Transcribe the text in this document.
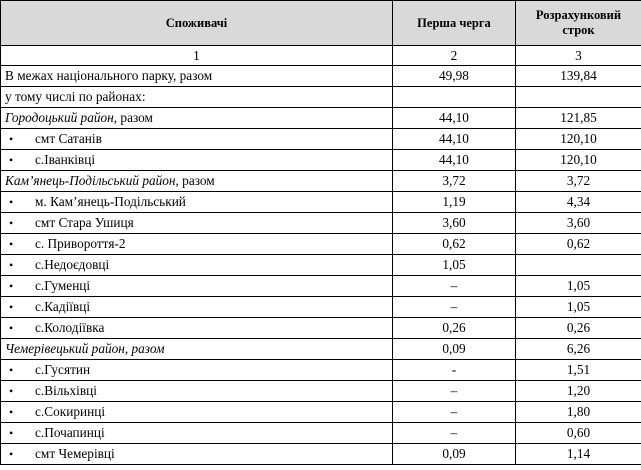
Споживачі	Перша черга	Розрахунковий строк
1	2	3
В межах національного парку, разом	49,98	139,84
у тому числі по районах:		
Городоцький район, разом	44,10	121,85
• смт Сатанів	44,10	120,10
• с.Іванківці	44,10	120,10
Кам’янець-Подільський район, разом	3,72	3,72
• м. Кам’янець-Подільський	1,19	4,34
• смт Стара Ушиця	3,60	3,60
• с. Привороття-2	0,62	0,62
• с.Недоєдовці	1,05	
• с.Гуменці	–	1,05
• с.Кадіївці	–	1,05
• с.Колодіївка	0,26	0,26
Чемерівецький район, разом	0,09	6,26
• с.Гусятин	-	1,51
• с.Вільхівці	–	1,20
• с.Сокиринці	–	1,80
• с.Почапинці	–	0,60
• смт Чемерівці	0,09	1,14
